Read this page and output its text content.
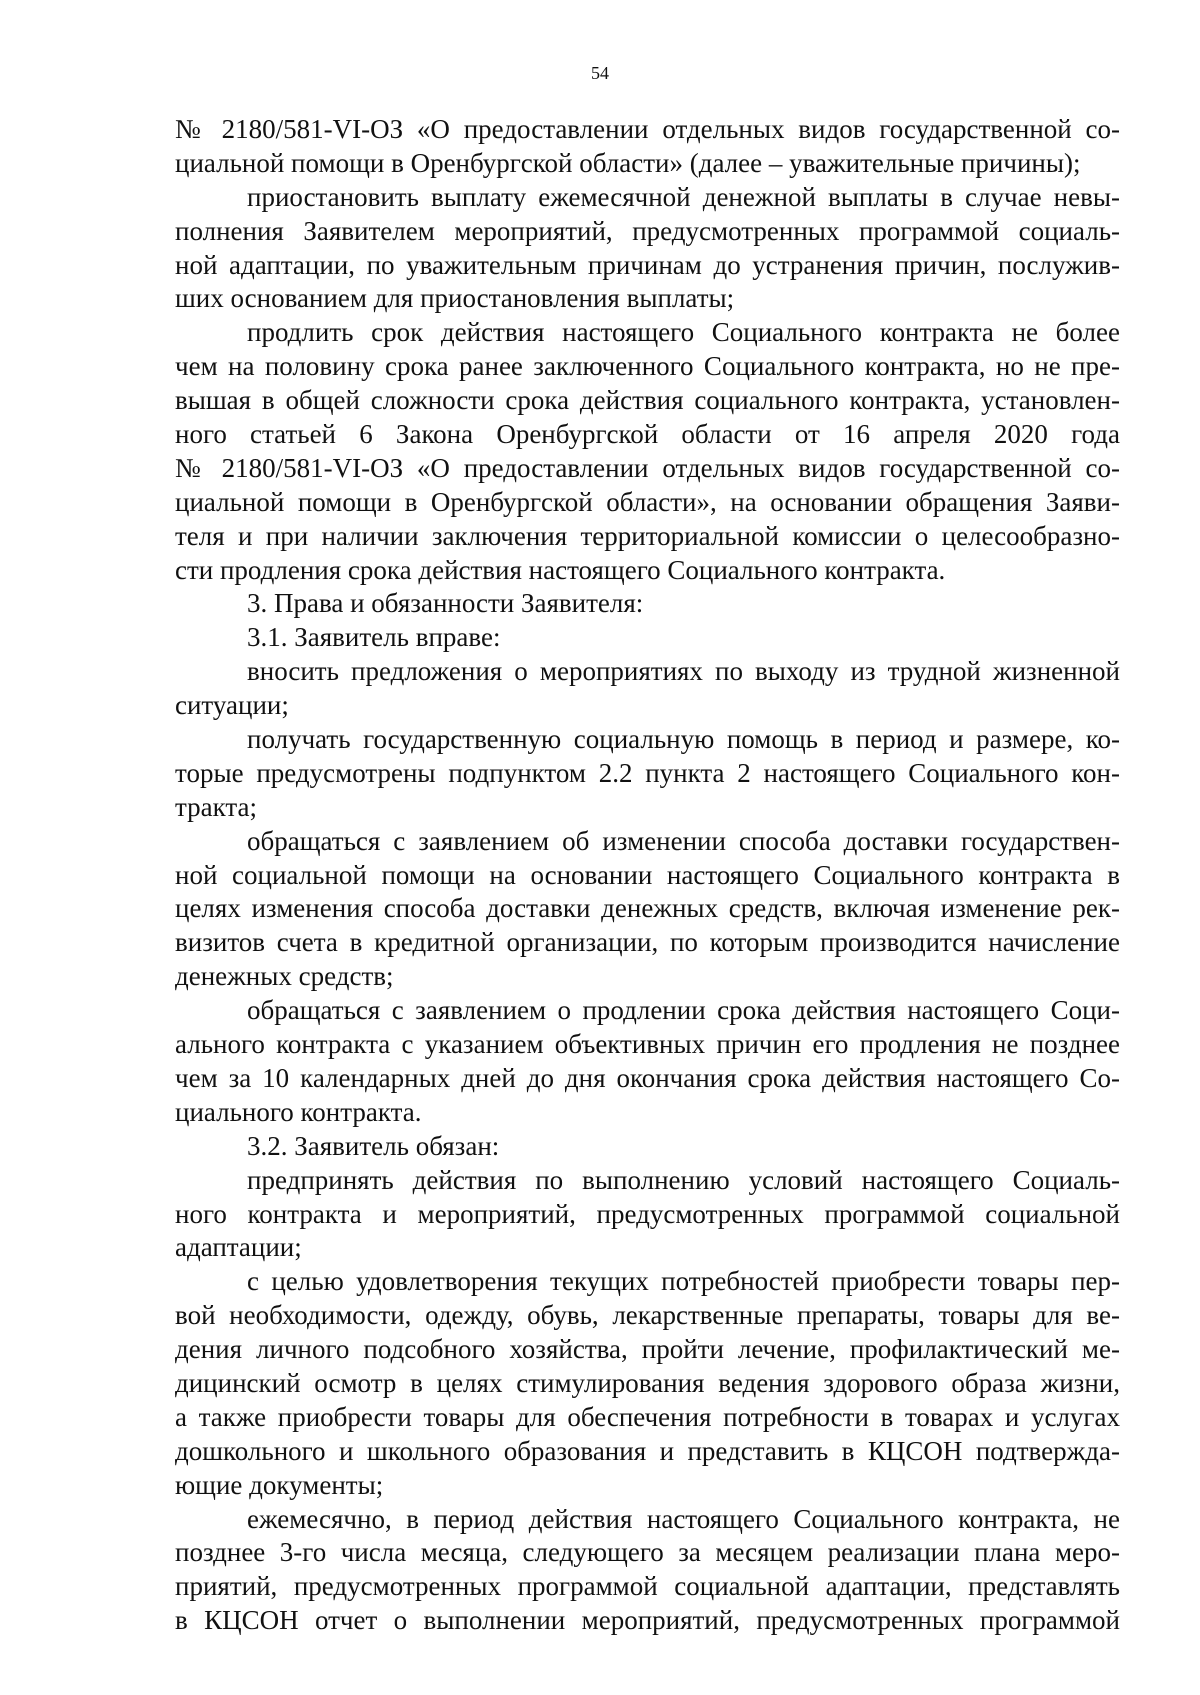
54
№ 2180/581-VI-ОЗ «О предоставлении отдельных видов государственной со-
циальной помощи в Оренбургской области» (далее – уважительные причины);
приостановить выплату ежемесячной денежной выплаты в случае невы-
полнения Заявителем мероприятий, предусмотренных программой социаль-
ной адаптации, по уважительным причинам до устранения причин, послужив-
ших основанием для приостановления выплаты;
продлить срок действия настоящего Социального контракта не более
чем на половину срока ранее заключенного Социального контракта, но не пре-
вышая в общей сложности срока действия социального контракта, установлен-
ного статьей 6 Закона Оренбургской области от 16 апреля 2020 года
№ 2180/581-VI-ОЗ «О предоставлении отдельных видов государственной со-
циальной помощи в Оренбургской области», на основании обращения Заяви-
теля и при наличии заключения территориальной комиссии о целесообразно-
сти продления срока действия настоящего Социального контракта.
3. Права и обязанности Заявителя:
3.1. Заявитель вправе:
вносить предложения о мероприятиях по выходу из трудной жизненной
ситуации;
получать государственную социальную помощь в период и размере, ко-
торые предусмотрены подпунктом 2.2 пункта 2 настоящего Социального кон-
тракта;
обращаться с заявлением об изменении способа доставки государствен-
ной социальной помощи на основании настоящего Социального контракта в
целях изменения способа доставки денежных средств, включая изменение рек-
визитов счета в кредитной организации, по которым производится начисление
денежных средств;
обращаться с заявлением о продлении срока действия настоящего Соци-
ального контракта с указанием объективных причин его продления не позднее
чем за 10 календарных дней до дня окончания срока действия настоящего Со-
циального контракта.
3.2. Заявитель обязан:
предпринять действия по выполнению условий настоящего Социаль-
ного контракта и мероприятий, предусмотренных программой социальной
адаптации;
с целью удовлетворения текущих потребностей приобрести товары пер-
вой необходимости, одежду, обувь, лекарственные препараты, товары для ве-
дения личного подсобного хозяйства, пройти лечение, профилактический ме-
дицинский осмотр в целях стимулирования ведения здорового образа жизни,
а также приобрести товары для обеспечения потребности в товарах и услугах
дошкольного и школьного образования и представить в КЦСОН подтвержда-
ющие документы;
ежемесячно, в период действия настоящего Социального контракта, не
позднее 3-го числа месяца, следующего за месяцем реализации плана меро-
приятий, предусмотренных программой социальной адаптации, представлять
в КЦСОН отчет о выполнении мероприятий, предусмотренных программой
